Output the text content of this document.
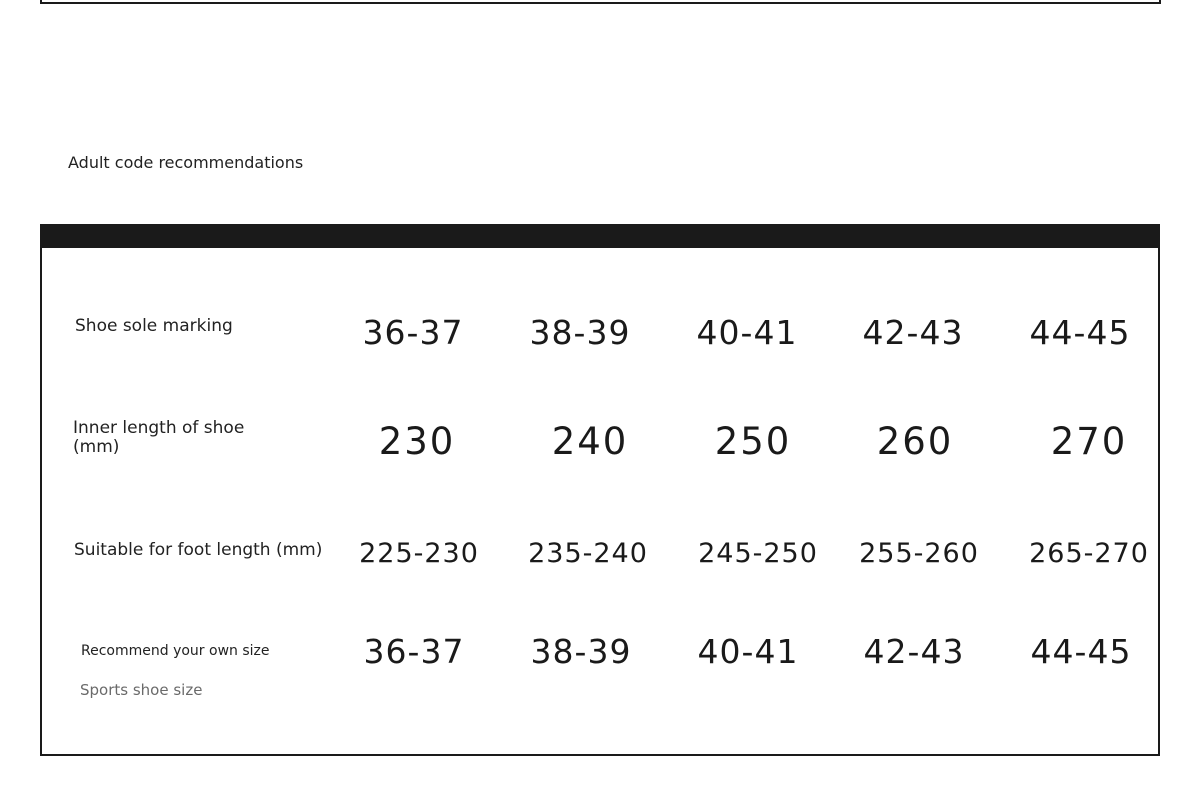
Adult code recommendations
Shoe sole marking	36-37 38-39 40-41 42-43 44-45
Inner length of shoe
(mm)	230	240 250 260	270
Suitable for foot length (mm) 225-230 235-240 245-250 255-260 265-270
Recommend your own size
Sports shoe size
36-37 38-39 40-41 42-43 44-45
